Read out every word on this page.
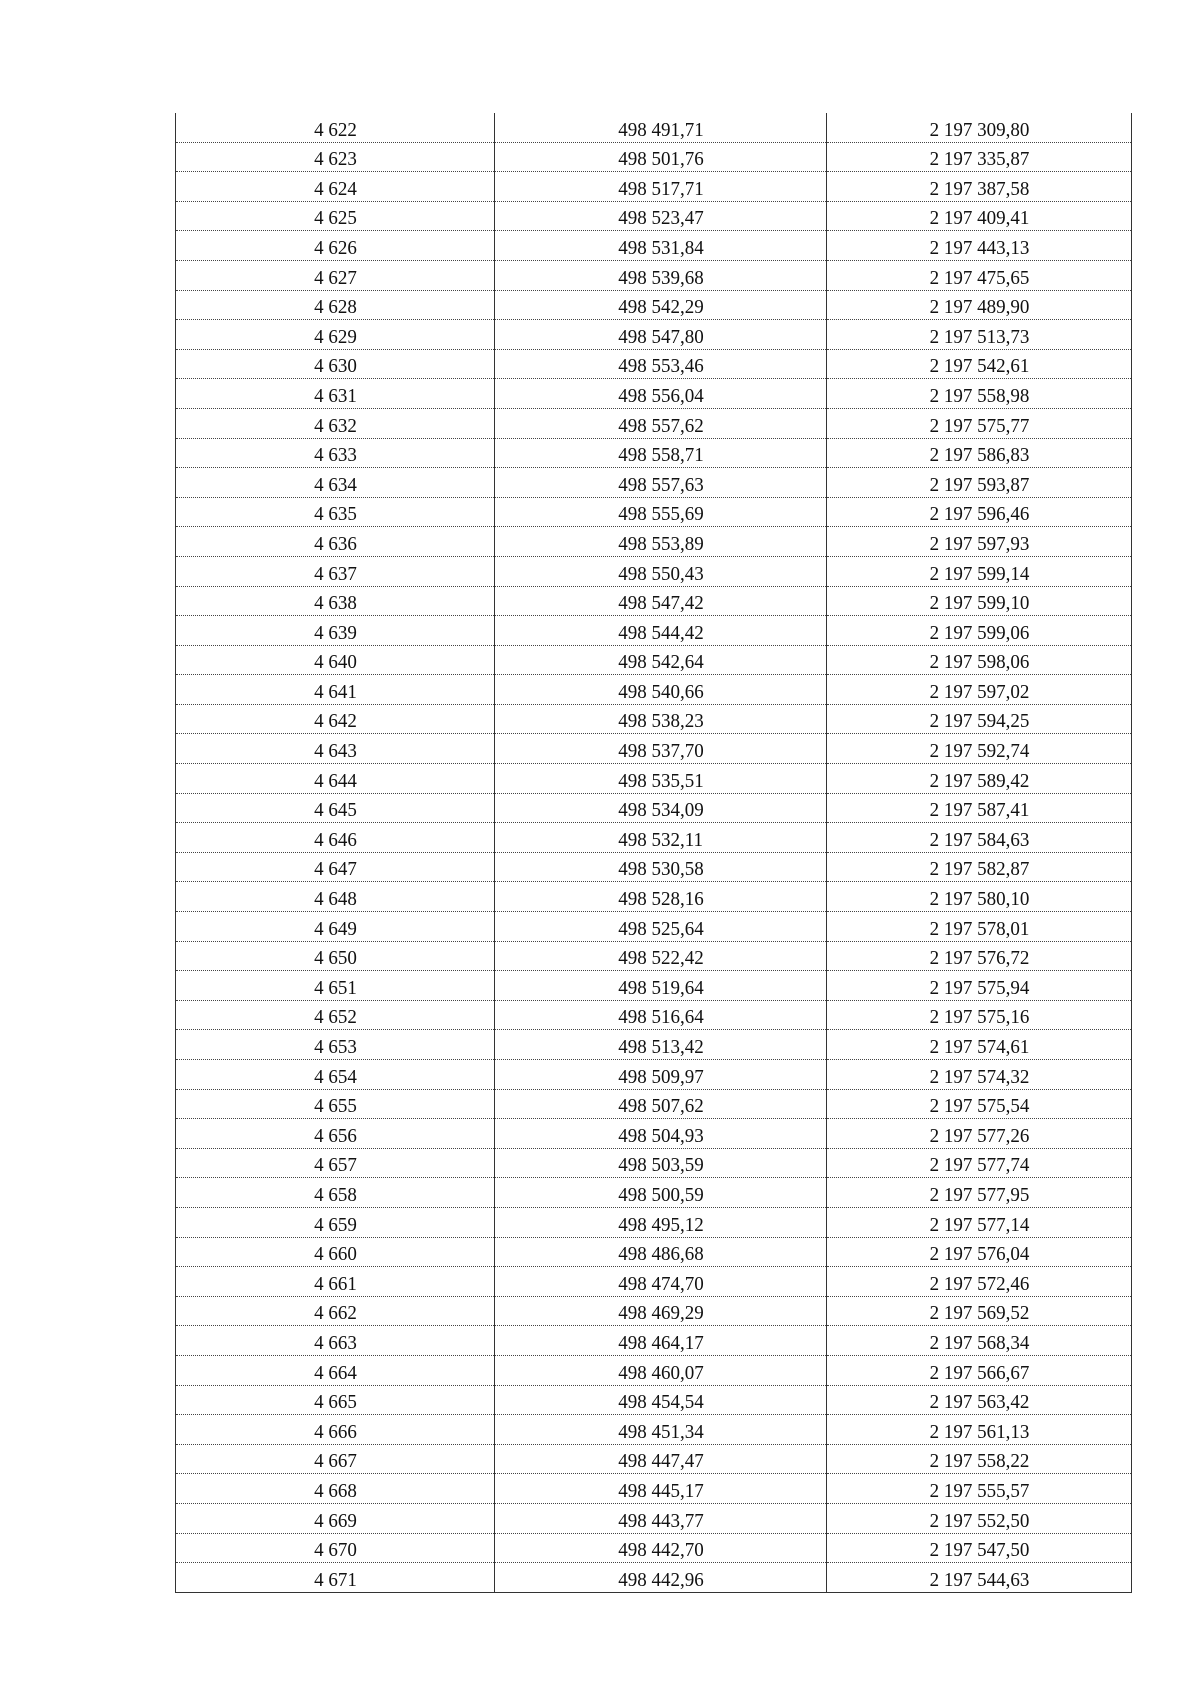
4 622	498 491,71	2 197 309,80
4 623	498 501,76	2 197 335,87
4 624	498 517,71	2 197 387,58
4 625	498 523,47	2 197 409,41
4 626	498 531,84	2 197 443,13
4 627	498 539,68	2 197 475,65
4 628	498 542,29	2 197 489,90
4 629	498 547,80	2 197 513,73
4 630	498 553,46	2 197 542,61
4 631	498 556,04	2 197 558,98
4 632	498 557,62	2 197 575,77
4 633	498 558,71	2 197 586,83
4 634	498 557,63	2 197 593,87
4 635	498 555,69	2 197 596,46
4 636	498 553,89	2 197 597,93
4 637	498 550,43	2 197 599,14
4 638	498 547,42	2 197 599,10
4 639	498 544,42	2 197 599,06
4 640	498 542,64	2 197 598,06
4 641	498 540,66	2 197 597,02
4 642	498 538,23	2 197 594,25
4 643	498 537,70	2 197 592,74
4 644	498 535,51	2 197 589,42
4 645	498 534,09	2 197 587,41
4 646	498 532,11	2 197 584,63
4 647	498 530,58	2 197 582,87
4 648	498 528,16	2 197 580,10
4 649	498 525,64	2 197 578,01
4 650	498 522,42	2 197 576,72
4 651	498 519,64	2 197 575,94
4 652	498 516,64	2 197 575,16
4 653	498 513,42	2 197 574,61
4 654	498 509,97	2 197 574,32
4 655	498 507,62	2 197 575,54
4 656	498 504,93	2 197 577,26
4 657	498 503,59	2 197 577,74
4 658	498 500,59	2 197 577,95
4 659	498 495,12	2 197 577,14
4 660	498 486,68	2 197 576,04
4 661	498 474,70	2 197 572,46
4 662	498 469,29	2 197 569,52
4 663	498 464,17	2 197 568,34
4 664	498 460,07	2 197 566,67
4 665	498 454,54	2 197 563,42
4 666	498 451,34	2 197 561,13
4 667	498 447,47	2 197 558,22
4 668	498 445,17	2 197 555,57
4 669	498 443,77	2 197 552,50
4 670	498 442,70	2 197 547,50
4 671	498 442,96	2 197 544,63
